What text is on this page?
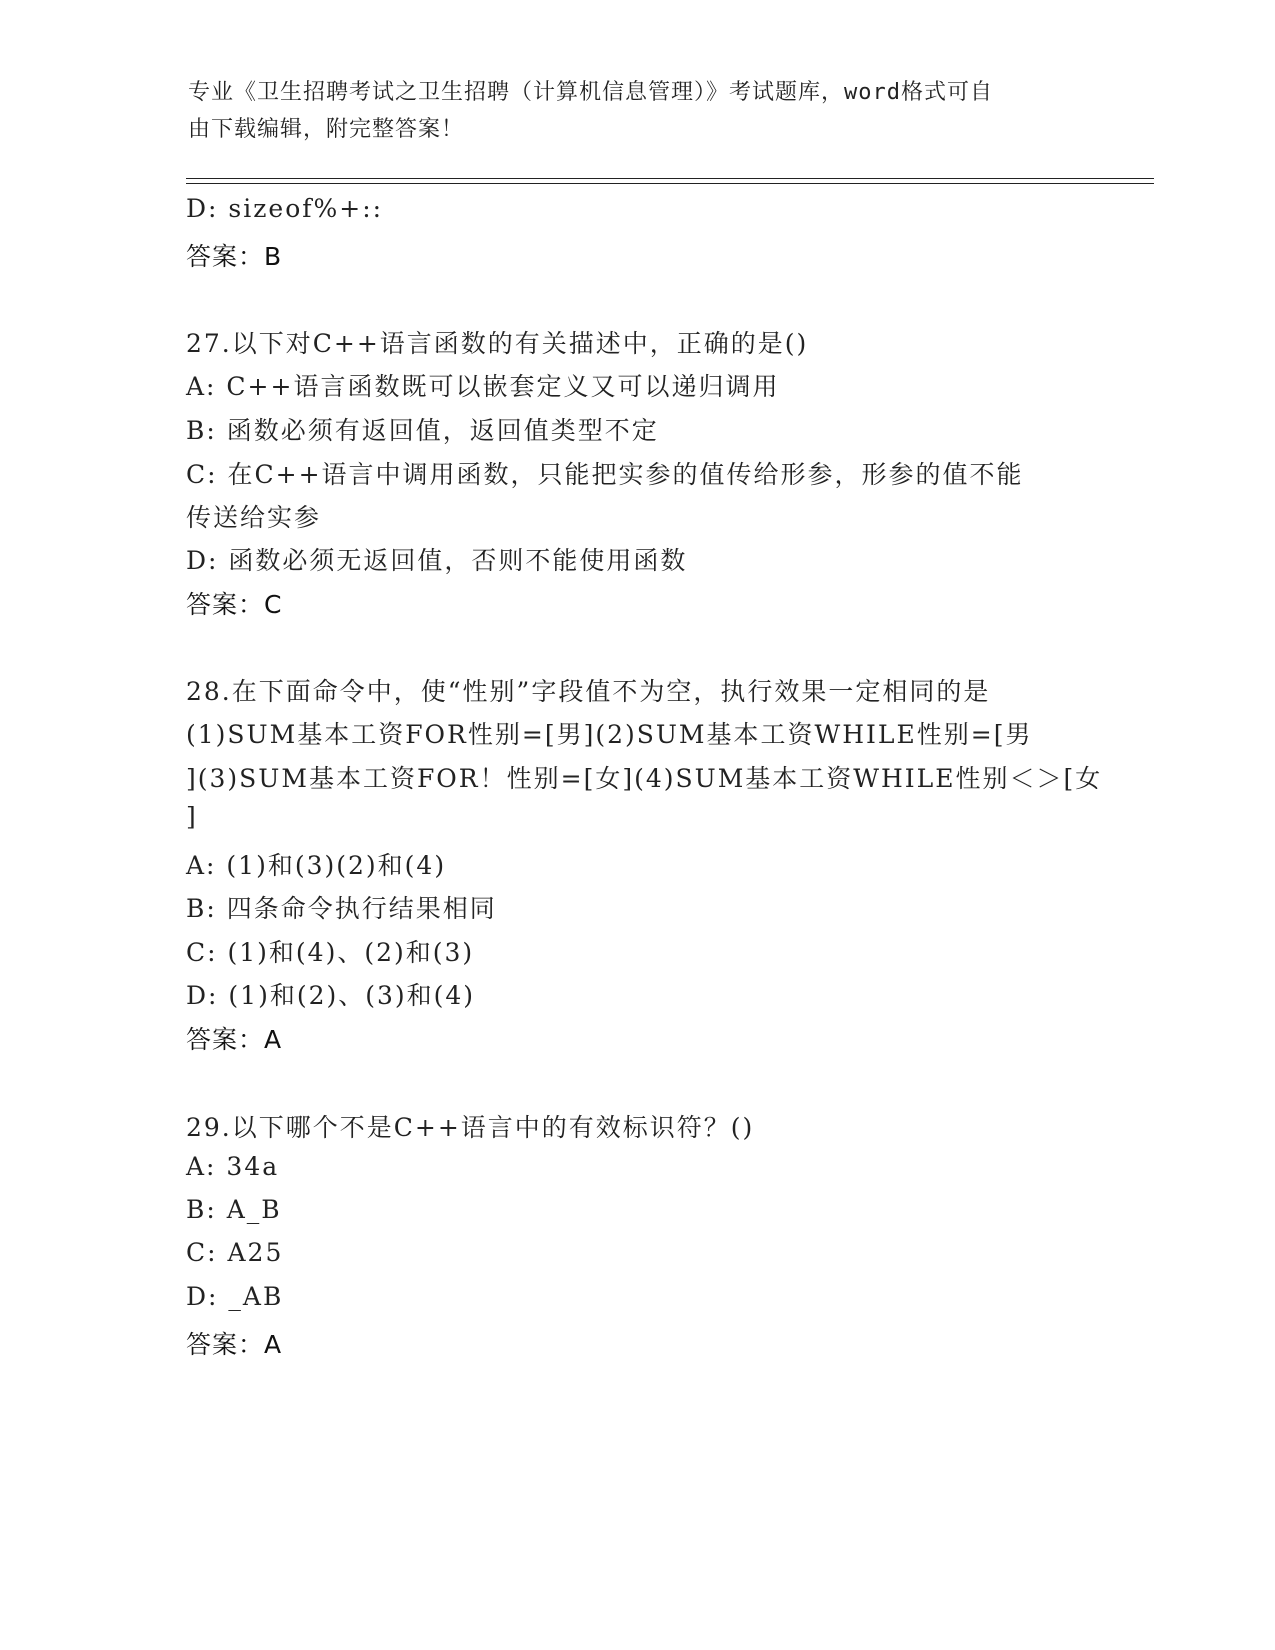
专业《卫生招聘考试之卫生招聘（计算机信息管理）》考试题库，word格式可自
由下载编辑，附完整答案！
D: sizeof%+::
答案：B
27.以下对C++语言函数的有关描述中，正确的是()
A: C++语言函数既可以嵌套定义又可以递归调用
B: 函数必须有返回值，返回值类型不定
C: 在C++语言中调用函数，只能把实参的值传给形参，形参的值不能
传送给实参
D: 函数必须无返回值，否则不能使用函数
答案：C
28.在下面命令中，使“性别”字段值不为空，执行效果一定相同的是
(1)SUM基本工资FOR性别=[男](2)SUM基本工资WHILE性别=[男
](3)SUM基本工资FOR！性别=[女](4)SUM基本工资WHILE性别＜＞[女
]
A: (1)和(3)(2)和(4)
B: 四条命令执行结果相同
C: (1)和(4)、(2)和(3)
D: (1)和(2)、(3)和(4)
答案：A
29.以下哪个不是C++语言中的有效标识符？()
A: 34a
B: A_B
C: A25
D: _AB
答案：A
